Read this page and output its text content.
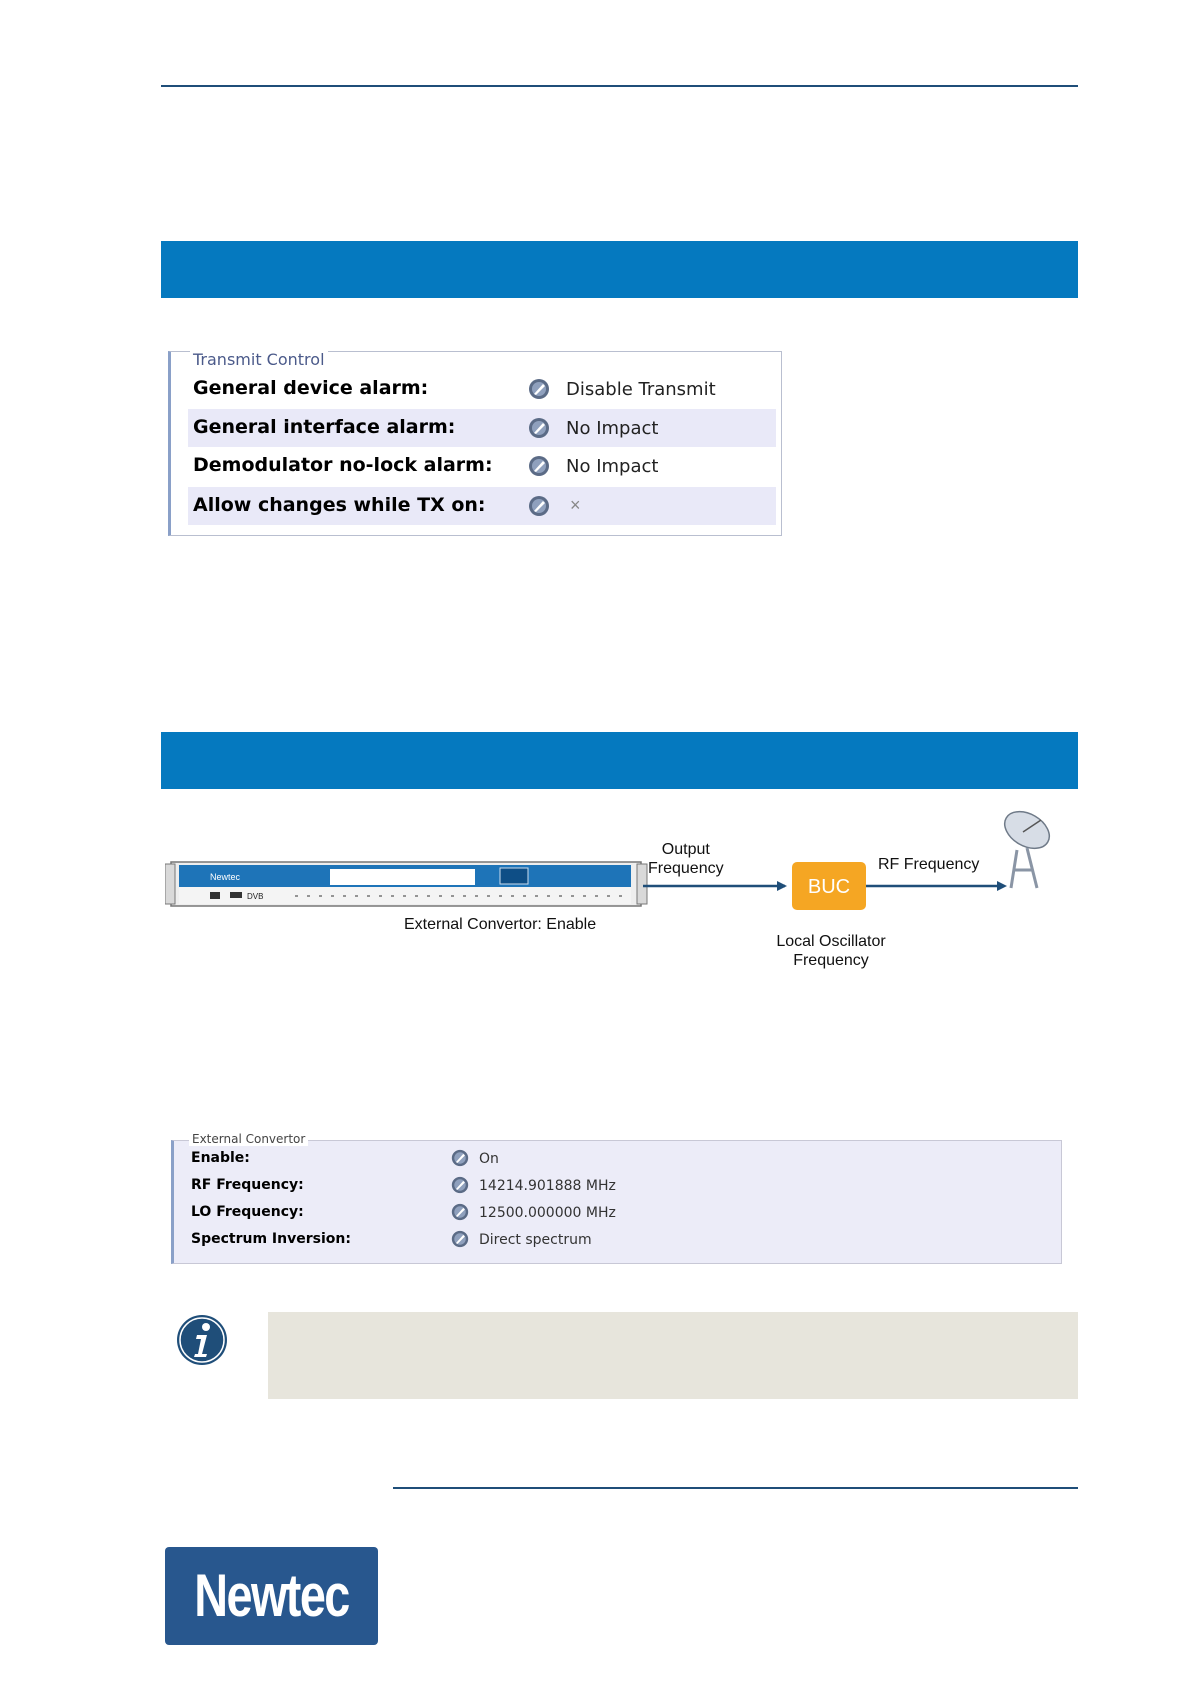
Transmit Control
General device alarm:	Disable Transmit
General interface alarm:	No Impact
Demodulator no-lock alarm:	No Impact
Allow changes while TX on:	×
Newtec
DVB	BUC
Output
Frequency	RF Frequency
External Convertor: Enable
Local Oscillator
Frequency
External Convertor
Enable:	On
RF Frequency:	14214.901888 MHz
LO Frequency:	12500.000000 MHz
Spectrum Inversion:	Direct spectrum
Newtec
